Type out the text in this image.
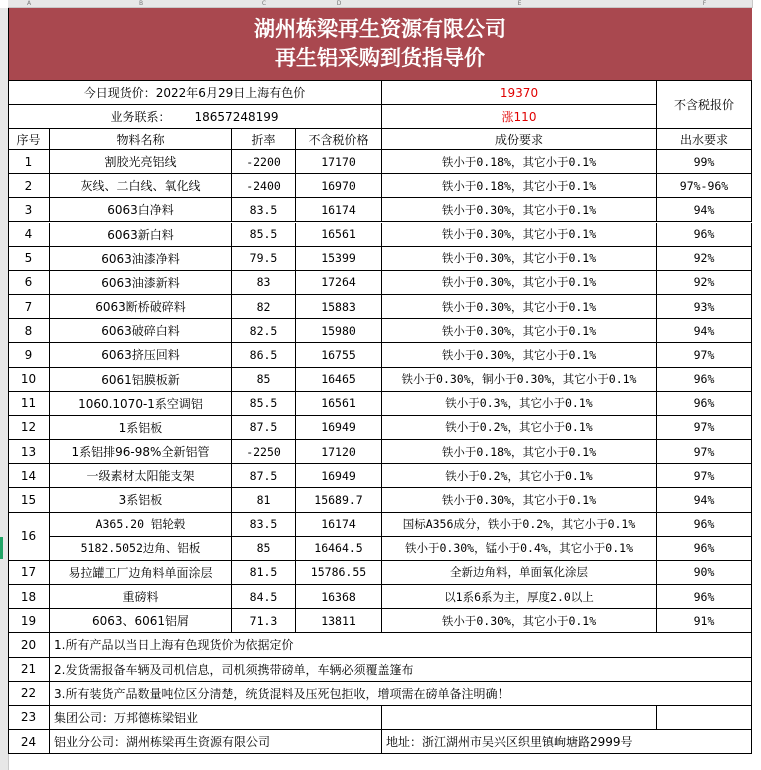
A	B	C	D	E	F
湖州栋梁再生资源有限公司
再生铝采购到货指导价
今日现货价：2022年6月29日上海有色价	19370
不含税报价
业务联系： 18657248199	涨110
序号	物料名称	折率	不含税价格	成份要求	出水要求
1	割胶光亮铝线	-2200	17170	铁小于0.18%，其它小于0.1%	99%
2	灰线、二白线、氧化线	-2400	16970	铁小于0.18%，其它小于0.1%	97%-96%
3	6063白净料	83.5	16174	铁小于0.30%，其它小于0.1%	94%
4	6063新白料	85.5	16561	铁小于0.30%，其它小于0.1%	96%
5	6063油漆净料	79.5	15399	铁小于0.30%，其它小于0.1%	92%
6	6063油漆新料	83	17264	铁小于0.30%，其它小于0.1%	92%
7	6063断桥破碎料	82	15883	铁小于0.30%，其它小于0.1%	93%
8	6063破碎白料	82.5	15980	铁小于0.30%，其它小于0.1%	94%
9	6063挤压回料	86.5	16755	铁小于0.30%，其它小于0.1%	97%
10	6061铝膜板新	85	16465	铁小于0.30%，铜小于0.30%，其它小于0.1%	96%
11	1060.1070-1系空调铝	85.5	16561	铁小于0.3%，其它小于0.1%	96%
12	1系铝板	87.5	16949	铁小于0.2%，其它小于0.1%	97%
13	1系铝排96-98%全新铝管	-2250	17120	铁小于0.18%，其它小于0.1%	97%
14	一级素材太阳能支架	87.5	16949	铁小于0.2%，其它小于0.1%	97%
15	3系铝板	81	15689.7	铁小于0.30%，其它小于0.1%	94%
16
A365.20 铝轮毂	83.5	16174	国标A356成分，铁小于0.2%，其它小于0.1%	96%
5182.5052边角、铝板	85	16464.5	铁小于0.30%，锰小于0.4%，其它小于0.1%	96%
17	易拉罐工厂边角料单面涂层	81.5	15786.55	全新边角料，单面氧化涂层	90%
18	重磅料	84.5	16368	以1系6系为主，厚度2.0以上	96%
19	6063、6061铝屑	71.3	13811	铁小于0.30%，其它小于0.1%	91%
20	1.所有产品以当日上海有色现货价为依据定价
21	2.发货需报备车辆及司机信息，司机须携带磅单，车辆必须覆盖篷布
22	3.所有装货产品数量吨位区分清楚，统货混料及压死包拒收，增项需在磅单备注明确！
23	集团公司：万邦德栋梁铝业
24	铝业分公司：湖州栋梁再生资源有限公司	地址：浙江湖州市吴兴区织里镇峋塘路2999号
